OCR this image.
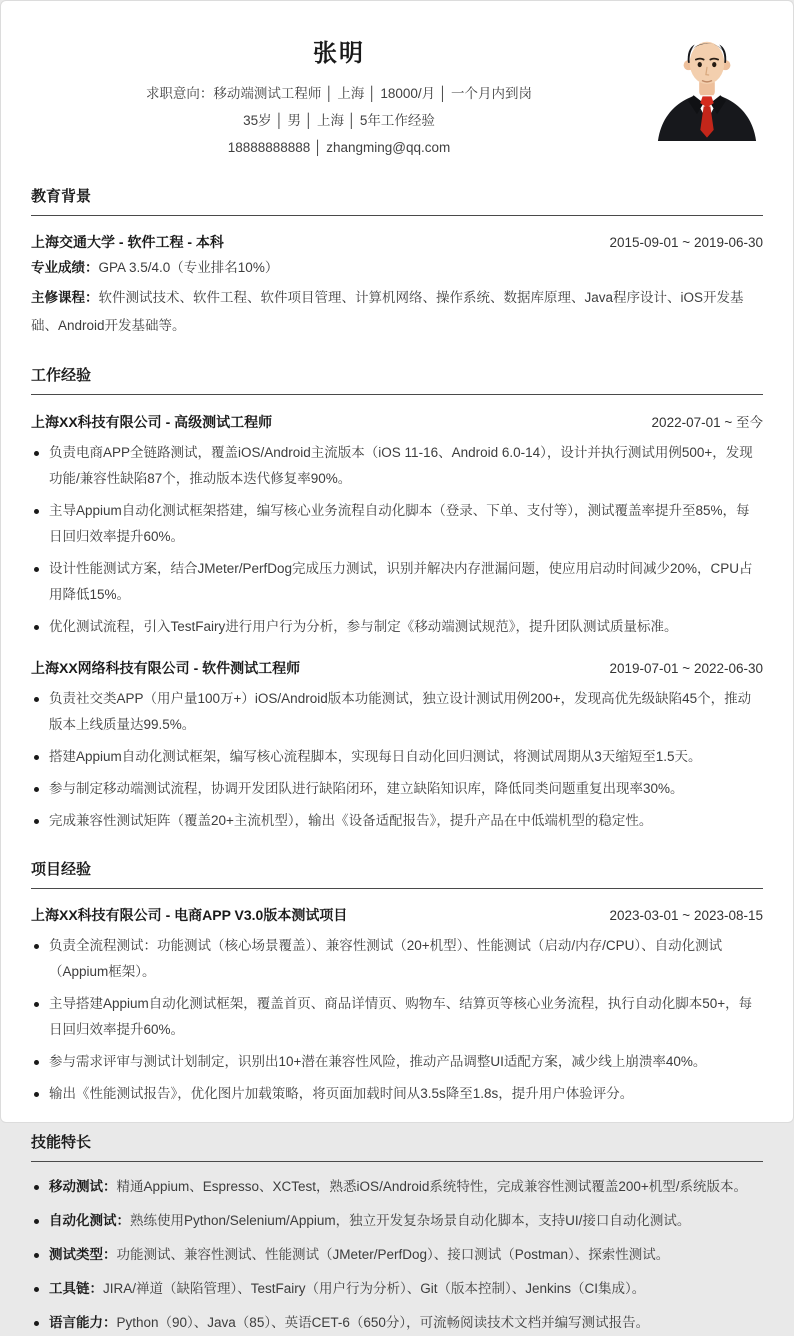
张明
求职意向：移动端测试工程师 │ 上海 │ 18000/月 │ 一个月内到岗
35岁 │ 男 │ 上海 │ 5年工作经验
18888888888 │ zhangming@qq.com
教育背景
上海交通大学 - 软件工程 - 本科	2015-09-01 ~ 2019-06-30
专业成绩：GPA 3.5/4.0（专业排名10%）
主修课程：软件测试技术、软件工程、软件项目管理、计算机网络、操作系统、数据库原理、Java程序设计、iOS开发基础、Android开发基础等。
工作经验
上海XX科技有限公司 - 高级测试工程师	2022-07-01 ~ 至今
负责电商APP全链路测试，覆盖iOS/Android主流版本（iOS 11-16、Android 6.0-14），设计并执行测试用例500+，发现功能/兼容性缺陷87个，推动版本迭代修复率90%。
主导Appium自动化测试框架搭建，编写核心业务流程自动化脚本（登录、下单、支付等），测试覆盖率提升至85%，每日回归效率提升60%。
设计性能测试方案，结合JMeter/PerfDog完成压力测试，识别并解决内存泄漏问题，使应用启动时间减少20%，CPU占用降低15%。
优化测试流程，引入TestFairy进行用户行为分析，参与制定《移动端测试规范》，提升团队测试质量标准。
上海XX网络科技有限公司 - 软件测试工程师	2019-07-01 ~ 2022-06-30
负责社交类APP（用户量100万+）iOS/Android版本功能测试，独立设计测试用例200+，发现高优先级缺陷45个，推动版本上线质量达99.5%。
搭建Appium自动化测试框架，编写核心流程脚本，实现每日自动化回归测试，将测试周期从3天缩短至1.5天。
参与制定移动端测试流程，协调开发团队进行缺陷闭环，建立缺陷知识库，降低同类问题重复出现率30%。
完成兼容性测试矩阵（覆盖20+主流机型），输出《设备适配报告》，提升产品在中低端机型的稳定性。
项目经验
上海XX科技有限公司 - 电商APP V3.0版本测试项目	2023-03-01 ~ 2023-08-15
负责全流程测试：功能测试（核心场景覆盖）、兼容性测试（20+机型）、性能测试（启动/内存/CPU）、自动化测试（Appium框架）。
主导搭建Appium自动化测试框架，覆盖首页、商品详情页、购物车、结算页等核心业务流程，执行自动化脚本50+，每日回归效率提升60%。
参与需求评审与测试计划制定，识别出10+潜在兼容性风险，推动产品调整UI适配方案，减少线上崩溃率40%。
输出《性能测试报告》，优化图片加载策略，将页面加载时间从3.5s降至1.8s，提升用户体验评分。
技能特长
移动测试：精通Appium、Espresso、XCTest，熟悉iOS/Android系统特性，完成兼容性测试覆盖200+机型/系统版本。
自动化测试：熟练使用Python/Selenium/Appium，独立开发复杂场景自动化脚本，支持UI/接口自动化测试。
测试类型：功能测试、兼容性测试、性能测试（JMeter/PerfDog）、接口测试（Postman）、探索性测试。
工具链：JIRA/禅道（缺陷管理）、TestFairy（用户行为分析）、Git（版本控制）、Jenkins（CI集成）。
语言能力：Python（90）、Java（85）、英语CET-6（650分），可流畅阅读技术文档并编写测试报告。
